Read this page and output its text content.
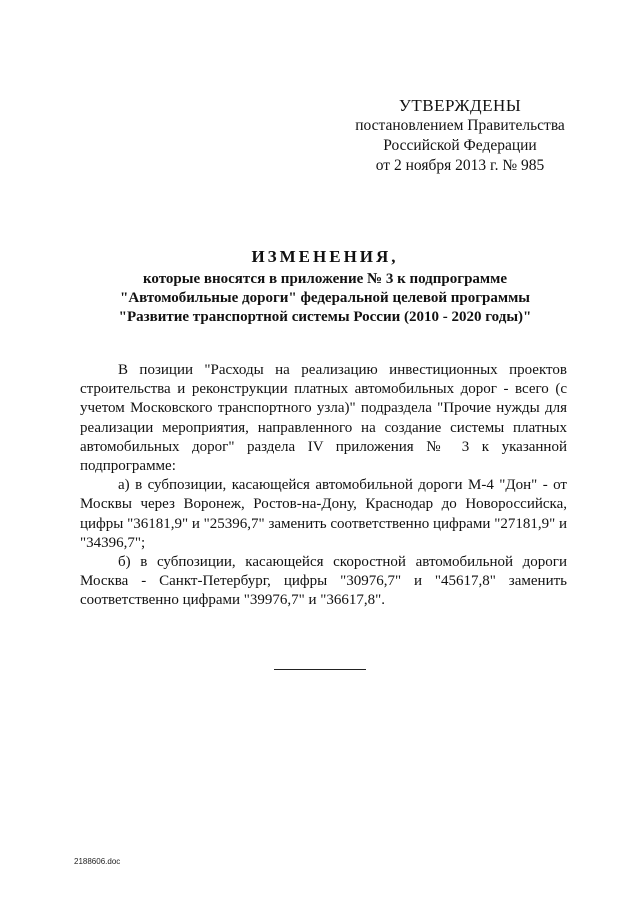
УТВЕРЖДЕНЫ
постановлением Правительства
Российской Федерации
от 2 ноября 2013 г. № 985
ИЗМЕНЕНИЯ,
которые вносятся в приложение № 3 к подпрограмме
"Автомобильные дороги" федеральной целевой программы
"Развитие транспортной системы России (2010 - 2020 годы)"

В позиции "Расходы на реализацию инвестиционных проектов строительства и реконструкции платных автомобильных дорог - всего (с учетом Московского транспортного узла)" подраздела "Прочие нужды для реализации мероприятия, направленного на создание системы платных автомобильных дорог" раздела IV приложения № 3 к указанной подпрограмме:

а) в субпозиции, касающейся автомобильной дороги М-4 "Дон" - от Москвы через Воронеж, Ростов-на-Дону, Краснодар до Новороссийска, цифры "36181,9" и "25396,7" заменить соответственно цифрами "27181,9" и "34396,7";

б) в субпозиции, касающейся скоростной автомобильной дороги Москва - Санкт-Петербург, цифры "30976,7" и "45617,8" заменить соответственно цифрами "39976,7" и "36617,8".

2188606.doc
